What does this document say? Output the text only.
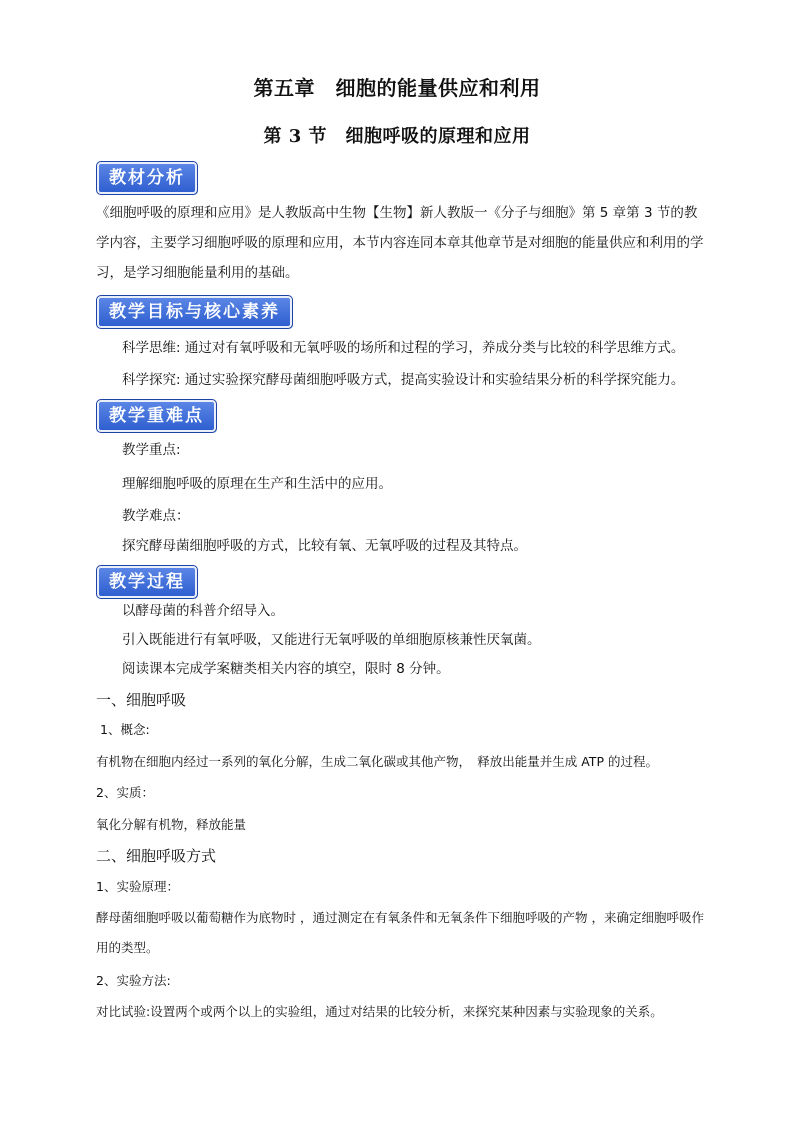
第五章　细胞的能量供应和利用
第 3 节　细胞呼吸的原理和应用
教材分析

《细胞呼吸的原理和应用》是人教版高中生物【生物】新人教版一《分子与细胞》第 5 章第 3 节的教学内容，主要学习细胞呼吸的原理和应用，本节内容连同本章其他章节是对细胞的能量供应和利用的学习，是学习细胞能量利用的基础。

教学目标与核心素养

科学思维: 通过对有氧呼吸和无氧呼吸的场所和过程的学习，养成分类与比较的科学思维方式。

科学探究: 通过实验探究酵母菌细胞呼吸方式，提高实验设计和实验结果分析的科学探究能力。

教学重难点

教学重点:

理解细胞呼吸的原理在生产和生活中的应用。

教学难点：

探究酵母菌细胞呼吸的方式，比较有氧、无氧呼吸的过程及其特点。

教学过程

以酵母菌的科普介绍导入。

引入既能进行有氧呼吸，又能进行无氧呼吸的单细胞原核兼性厌氧菌。

阅读课本完成学案糖类相关内容的填空，限时 8 分钟。

一、细胞呼吸

1、概念:

有机物在细胞内经过一系列的氧化分解，生成二氧化碳或其他产物，　释放出能量并生成 ATP 的过程。

2、实质：

氧化分解有机物，释放能量

二、细胞呼吸方式

1、实验原理：

酵母菌细胞呼吸以葡萄糖作为底物时 ，通过测定在有氧条件和无氧条件下细胞呼吸的产物 ，来确定细胞呼吸作用的类型。

2、实验方法:

对比试验:设置两个或两个以上的实验组，通过对结果的比较分析，来探究某种因素与实验现象的关系。
